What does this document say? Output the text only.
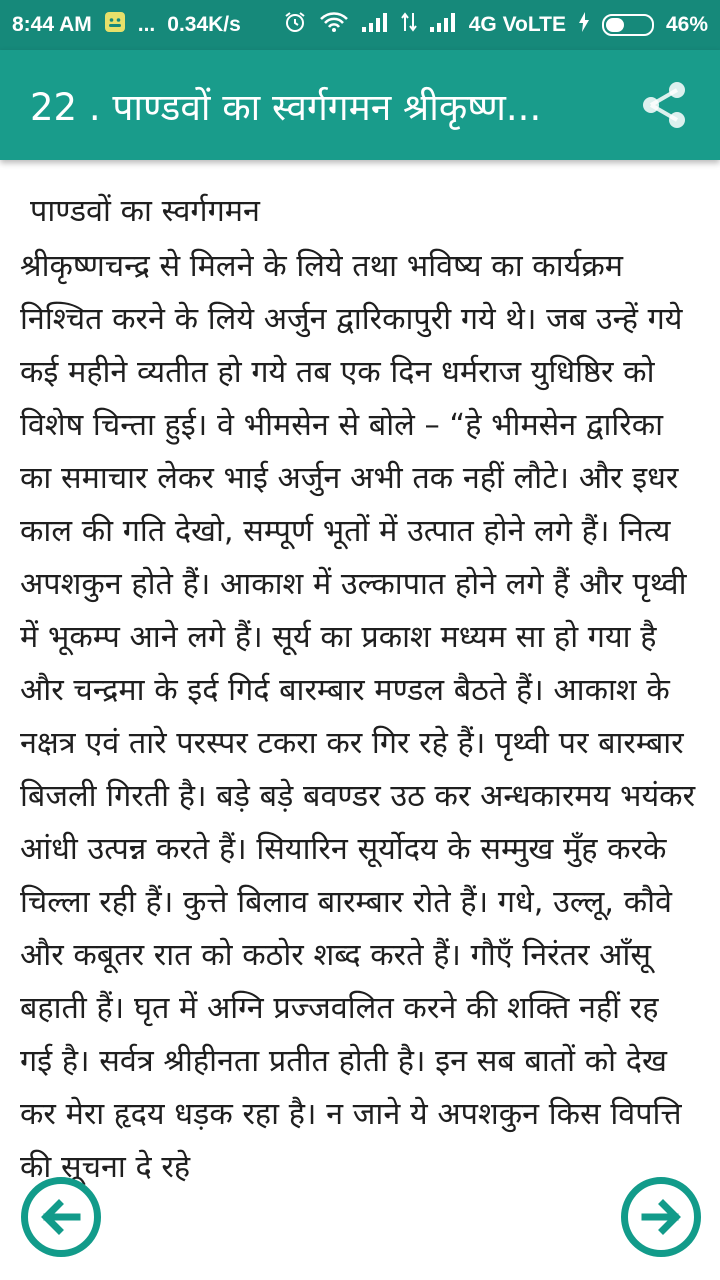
8:44 AM ... 0.34K/s	4G VoLTE	46%
22 . पाण्डवों का स्वर्गगमन श्रीकृष्ण...
पाण्डवों का स्वर्गगमन
श्रीकृष्णचन्द्र से मिलने के लिये तथा भविष्य का कार्यक्रम निश्चित करने के लिये अर्जुन द्वारिकापुरी गये थे। जब उन्हें गये कई महीने व्यतीत हो गये तब एक दिन धर्मराज युधिष्ठिर को विशेष चिन्ता हुई। वे भीमसेन से बोले – “हे भीमसेन द्वारिका का समाचार लेकर भाई अर्जुन अभी तक नहीं लौटे। और इधर काल की गति देखो, सम्पूर्ण भूतों में उत्पात होने लगे हैं। नित्य अपशकुन होते हैं। आकाश में उल्कापात होने लगे हैं और पृथ्वी में भूकम्प आने लगे हैं। सूर्य का प्रकाश मध्यम सा हो गया है और चन्द्रमा के इर्द गिर्द बारम्बार मण्डल बैठते हैं। आकाश के नक्षत्र एवं तारे परस्पर टकरा कर गिर रहे हैं। पृथ्वी पर बारम्बार बिजली गिरती है। बड़े बड़े बवण्डर उठ कर अन्धकारमय भयंकर आंधी उत्पन्न करते हैं। सियारिन सूर्योदय के सम्मुख मुँह करके चिल्ला रही हैं। कुत्ते बिलाव बारम्बार रोते हैं। गधे, उल्लू, कौवे और कबूतर रात को कठोर शब्द करते हैं। गौएँ निरंतर आँसू बहाती हैं। घृत में अग्नि प्रज्जवलित करने की शक्ति नहीं रह गई है। सर्वत्र श्रीहीनता प्रतीत होती है। इन सब बातों को देख कर मेरा हृदय धड़क रहा है। न जाने ये अपशकुन किस विपत्ति की सूचना दे रहे
